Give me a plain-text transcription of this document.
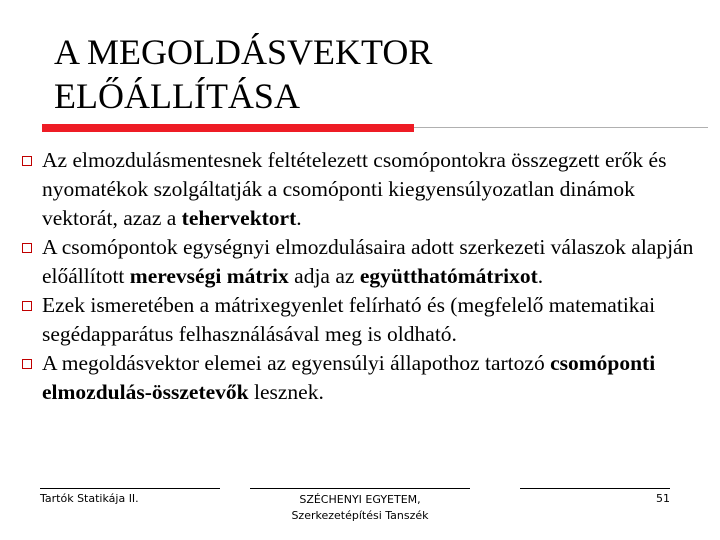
A MEGOLDÁSVEKTOR
ELŐÁLLÍTÁSA
Az elmozdulásmentesnek feltételezett csomópontokra összegzett erők és nyomatékok szolgáltatják a csomóponti kiegyensúlyozatlan dinámok vektorát, azaz a tehervektort.
A csomópontok egységnyi elmozdulásaira adott szerkezeti válaszok alapján előállított merevségi mátrix adja az együtthatómátrixot.
Ezek ismeretében a mátrixegyenlet felírható és (megfelelő matematikai segédapparátus felhasználásával meg is oldható.
A megoldásvektor elemei az egyensúlyi állapothoz tartozó csomóponti elmozdulás-összetevők lesznek.
Tartók Statikája II.	SZÉCHENYI EGYETEM,
Szerkezetépítési Tanszék
51
